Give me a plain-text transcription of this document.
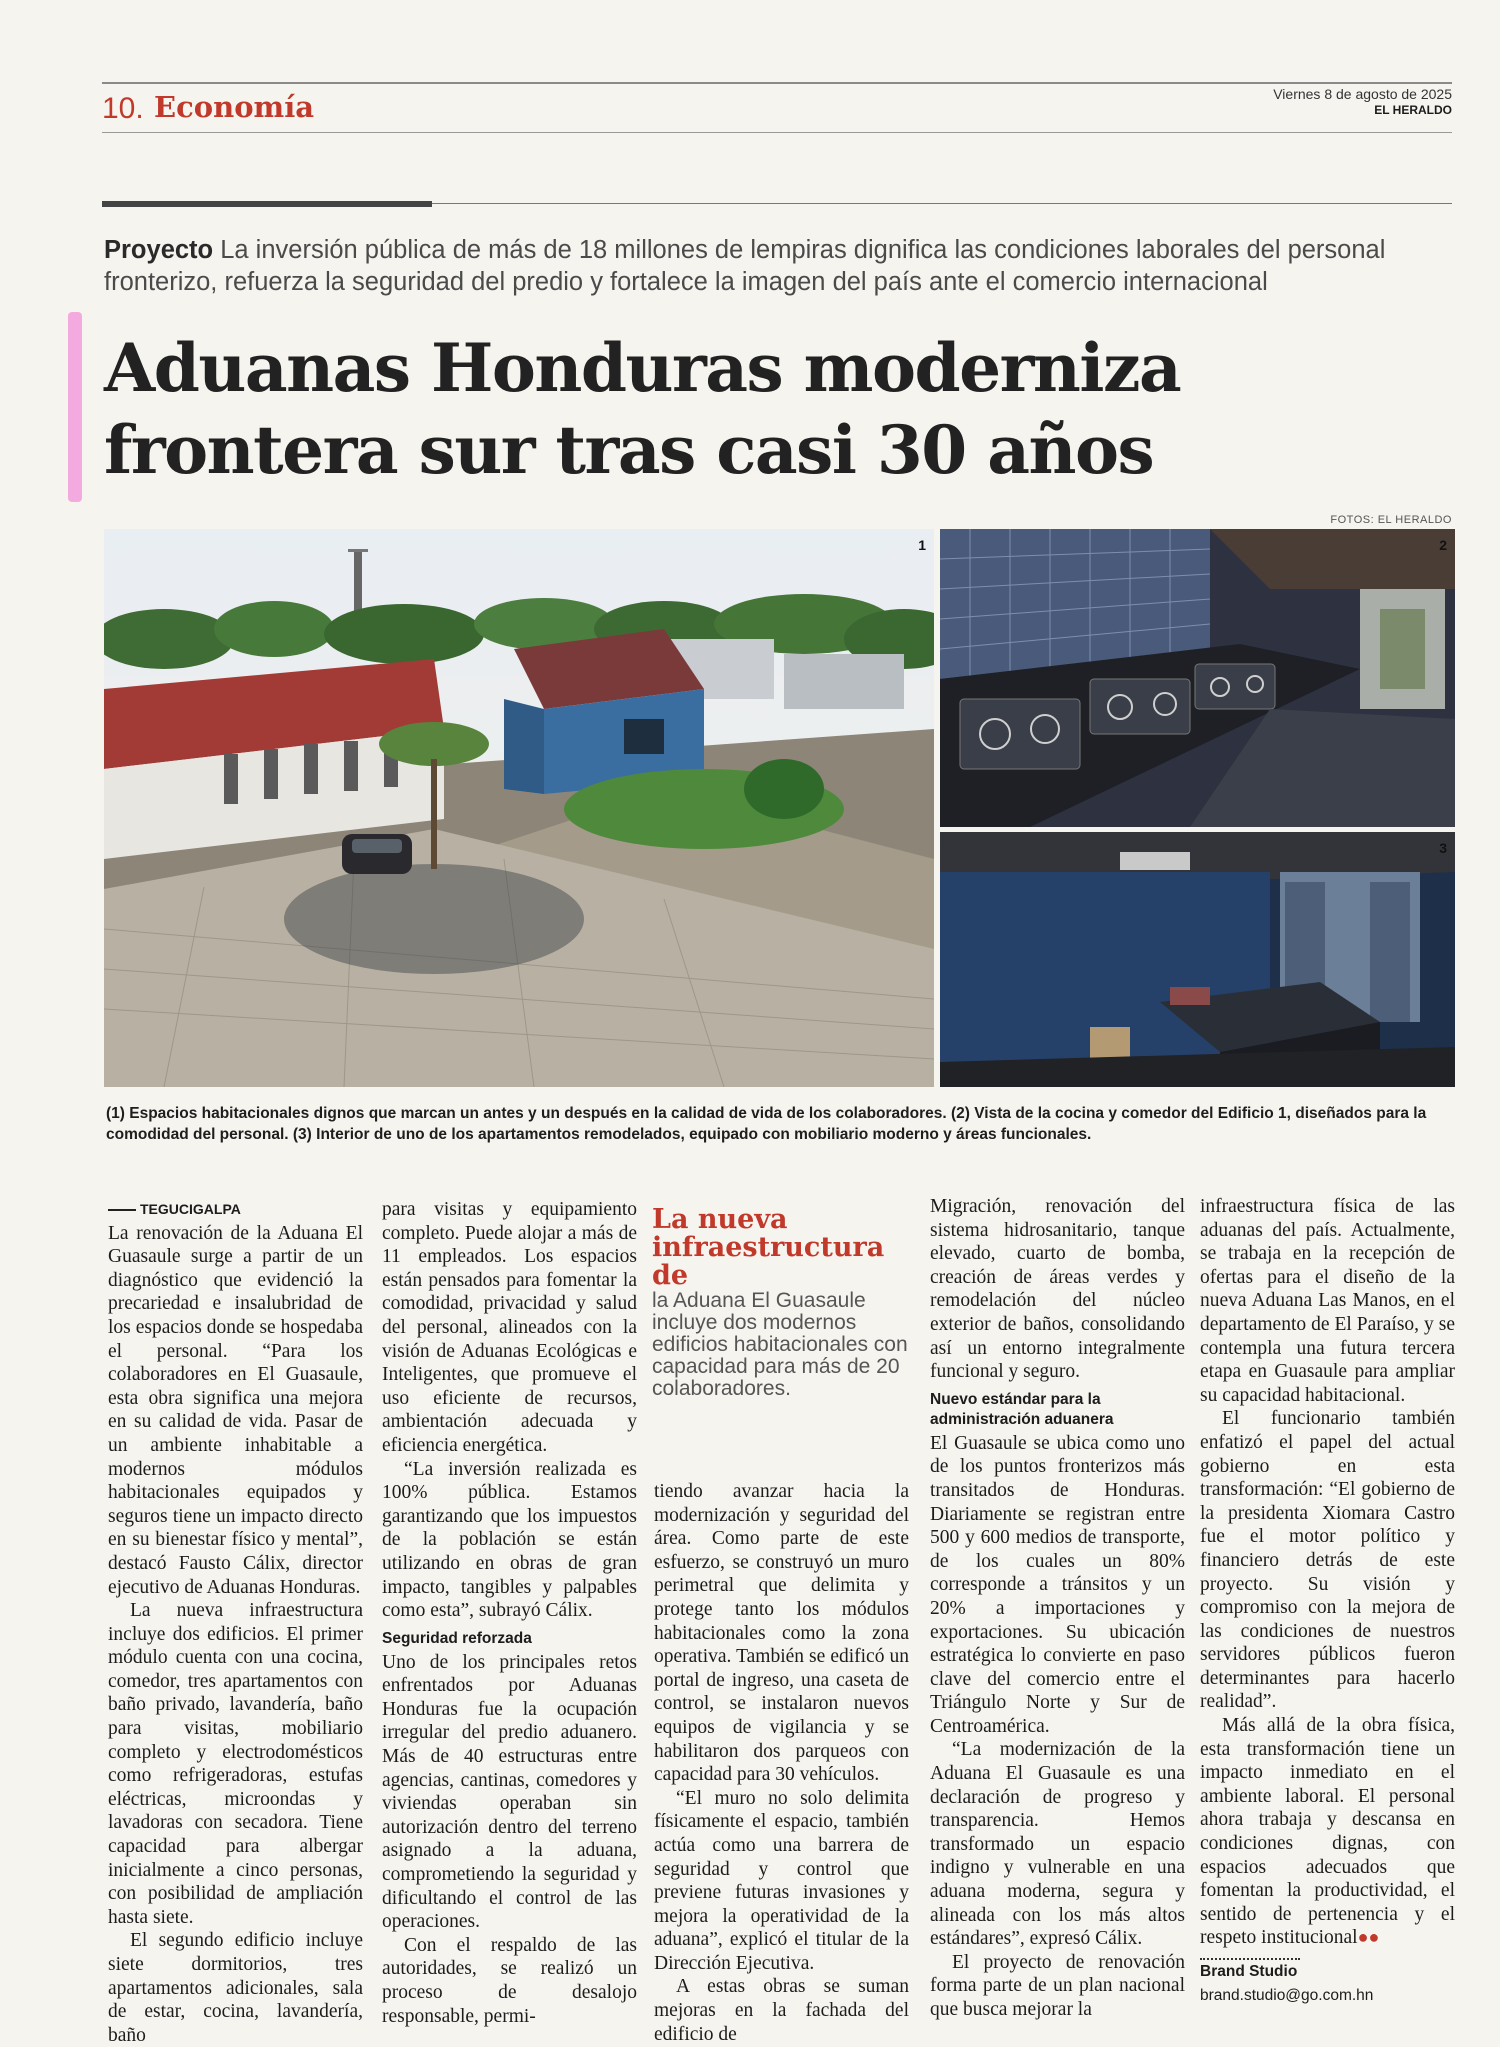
10. Economía	Viernes 8 de agosto de 2025
EL HERALDO
Proyecto La inversión pública de más de 18 millones de lempiras dignifica las condiciones laborales del personal fronterizo, refuerza la seguridad del predio y fortalece la imagen del país ante el comercio internacional
Aduanas Honduras moderniza
frontera sur tras casi 30 años
FOTOS: EL HERALDO
1	2
3
(1) Espacios habitacionales dignos que marcan un antes y un después en la calidad de vida de los colaboradores. (2) Vista de la cocina y comedor del Edificio 1, diseñados para la comodidad del personal. (3) Interior de uno de los apartamentos remodelados, equipado con mobiliario moderno y áreas funcionales.
TEGUCIGALPA

La renovación de la Aduana El Guasaule surge a partir de un diagnóstico que evidenció la precariedad e insalubridad de los espacios donde se hospedaba el personal. “Para los colaboradores en El Guasaule, esta obra significa una mejora en su calidad de vida. Pasar de un ambiente inhabitable a modernos módulos habitacionales equipados y seguros tiene un impacto directo en su bienestar físico y mental”, destacó Fausto Cálix, director ejecutivo de Aduanas Honduras.

La nueva infraestructura incluye dos edificios. El primer módulo cuenta con una cocina, comedor, tres apartamentos con baño privado, lavandería, baño para visitas, mobiliario completo y electrodomésticos como refrigeradoras, estufas eléctricas, microondas y lavadoras con secadora. Tiene capacidad para albergar inicialmente a cinco personas, con posibilidad de ampliación hasta siete.

El segundo edificio incluye siete dormitorios, tres apartamentos adicionales, sala de estar, cocina, lavandería, baño

para visitas y equipamiento completo. Puede alojar a más de 11 empleados. Los espacios están pensados para fomentar la comodidad, privacidad y salud del personal, alineados con la visión de Aduanas Ecológicas e Inteligentes, que promueve el uso eficiente de recursos, ambientación adecuada y eficiencia energética.

“La inversión realizada es 100% pública. Estamos garantizando que los impuestos de la población se están utilizando en obras de gran impacto, tangibles y palpables como esta”, subrayó Cálix.

Seguridad reforzada

Uno de los principales retos enfrentados por Aduanas Honduras fue la ocupación irregular del predio aduanero. Más de 40 estructuras entre agencias, cantinas, comedores y viviendas operaban sin autorización dentro del terreno asignado a la aduana, comprometiendo la seguridad y dificultando el control de las operaciones.

Con el respaldo de las autoridades, se realizó un proceso de desalojo responsable, permi-

La nueva infraestructura de
la Aduana El Guasaule incluye dos modernos edificios habitacionales con capacidad para más de 20 colaboradores.

tiendo avanzar hacia la modernización y seguridad del área. Como parte de este esfuerzo, se construyó un muro perimetral que delimita y protege tanto los módulos habitacionales como la zona operativa. También se edificó un portal de ingreso, una caseta de control, se instalaron nuevos equipos de vigilancia y se habilitaron dos parqueos con capacidad para 30 vehículos.

“El muro no solo delimita físicamente el espacio, también actúa como una barrera de seguridad y control que previene futuras invasiones y mejora la operatividad de la aduana”, explicó el titular de la Dirección Ejecutiva.

A estas obras se suman mejoras en la fachada del edificio de

Migración, renovación del sistema hidrosanitario, tanque elevado, cuarto de bomba, creación de áreas verdes y remodelación del núcleo exterior de baños, consolidando así un entorno integralmente funcional y seguro.

Nuevo estándar para la administración aduanera

El Guasaule se ubica como uno de los puntos fronterizos más transitados de Honduras. Diariamente se registran entre 500 y 600 medios de transporte, de los cuales un 80% corresponde a tránsitos y un 20% a importaciones y exportaciones. Su ubicación estratégica lo convierte en paso clave del comercio entre el Triángulo Norte y Sur de Centroamérica.

“La modernización de la Aduana El Guasaule es una declaración de progreso y transparencia. Hemos transformado un espacio indigno y vulnerable en una aduana moderna, segura y alineada con los más altos estándares”, expresó Cálix.

El proyecto de renovación forma parte de un plan nacional que busca mejorar la

infraestructura física de las aduanas del país. Actualmente, se trabaja en la recepción de ofertas para el diseño de la nueva Aduana Las Manos, en el departamento de El Paraíso, y se contempla una futura tercera etapa en Guasaule para ampliar su capacidad habitacional.

El funcionario también enfatizó el papel del actual gobierno en esta transformación: “El gobierno de la presidenta Xiomara Castro fue el motor político y financiero detrás de este proyecto. Su visión y compromiso con la mejora de las condiciones de nuestros servidores públicos fueron determinantes para hacerlo realidad”.

Más allá de la obra física, esta transformación tiene un impacto inmediato en el ambiente laboral. El personal ahora trabaja y descansa en condiciones dignas, con espacios adecuados que fomentan la productividad, el sentido de pertenencia y el respeto institucional●●

Brand Studio
brand.studio@go.com.hn
